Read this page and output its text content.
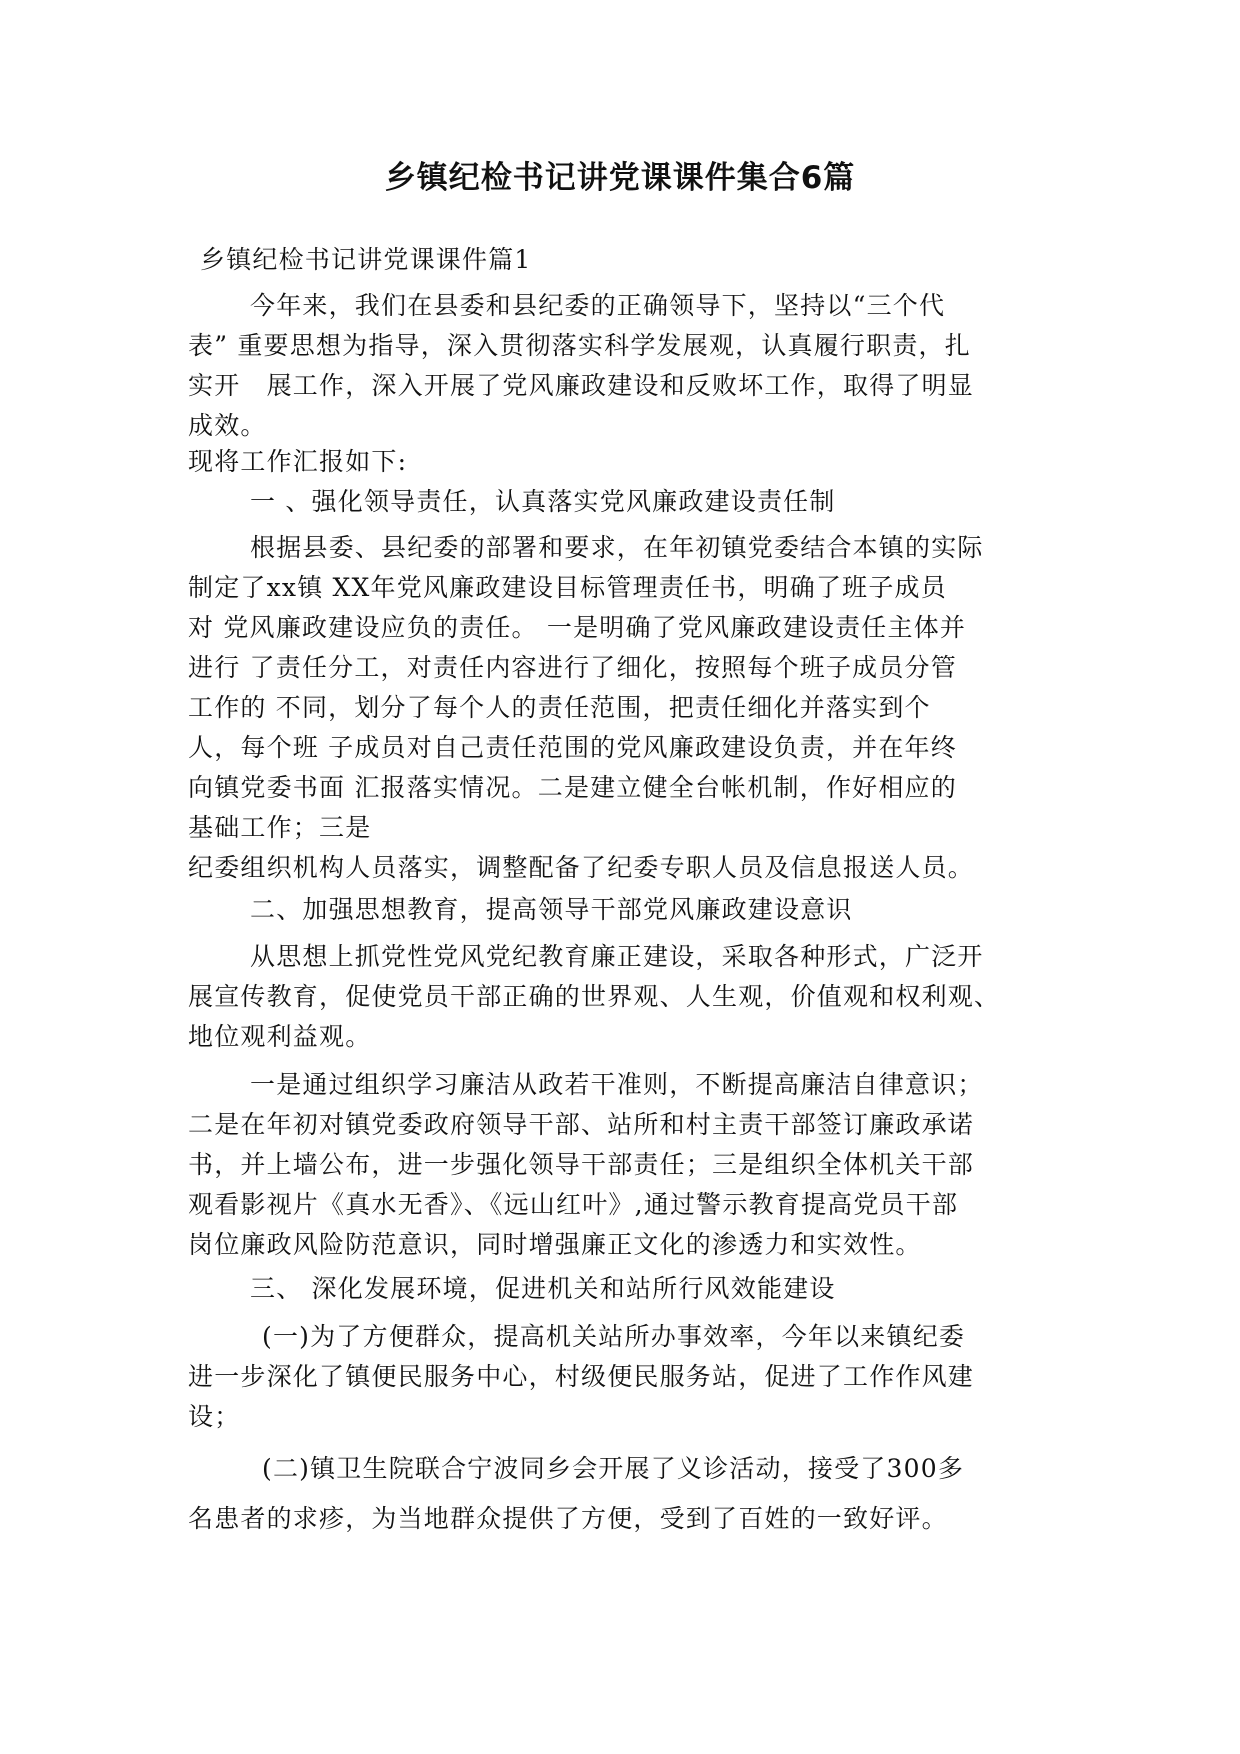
乡镇纪检书记讲党课课件集合6篇
乡镇纪检书记讲党课课件篇1
今年来，我们在县委和县纪委的正确领导下，坚持以“三个代
表” 重要思想为指导，深入贯彻落实科学发展观，认真履行职责，扎
实开　展工作，深入开展了党风廉政建设和反败坏工作，取得了明显
成效。
现将工作汇报如下:
一 、强化领导责任，认真落实党风廉政建设责任制
根据县委、县纪委的部署和要求，在年初镇党委结合本镇的实际
制定了xx镇 XX年党风廉政建设目标管理责任书，明确了班子成员
对 党风廉政建设应负的责任。 一是明确了党风廉政建设责任主体并
进行 了责任分工，对责任内容进行了细化，按照每个班子成员分管
工作的 不同，划分了每个人的责任范围，把责任细化并落实到个
人，每个班 子成员对自己责任范围的党风廉政建设负责，并在年终
向镇党委书面 汇报落实情况。二是建立健全台帐机制，作好相应的
基础工作；三是
纪委组织机构人员落实，调整配备了纪委专职人员及信息报送人员。
二、加强思想教育，提高领导干部党风廉政建设意识
从思想上抓党性党风党纪教育廉正建设，采取各种形式，广泛开
展宣传教育，促使党员干部正确的世界观、人生观，价值观和权利观、
地位观利益观。
一是通过组织学习廉洁从政若干准则，不断提高廉洁自律意识；
二是在年初对镇党委政府领导干部、站所和村主责干部签订廉政承诺
书，并上墙公布，进一步强化领导干部责任；三是组织全体机关干部
观看影视片《真水无香》、《远山红叶》,通过警示教育提高党员干部
岗位廉政风险防范意识，同时增强廉正文化的渗透力和实效性。
三、 深化发展环境，促进机关和站所行风效能建设
(一)为了方便群众，提高机关站所办事效率，今年以来镇纪委
进一步深化了镇便民服务中心，村级便民服务站，促进了工作作风建
设；
(二)镇卫生院联合宁波同乡会开展了义诊活动，接受了300多
名患者的求疹，为当地群众提供了方便，受到了百姓的一致好评。
